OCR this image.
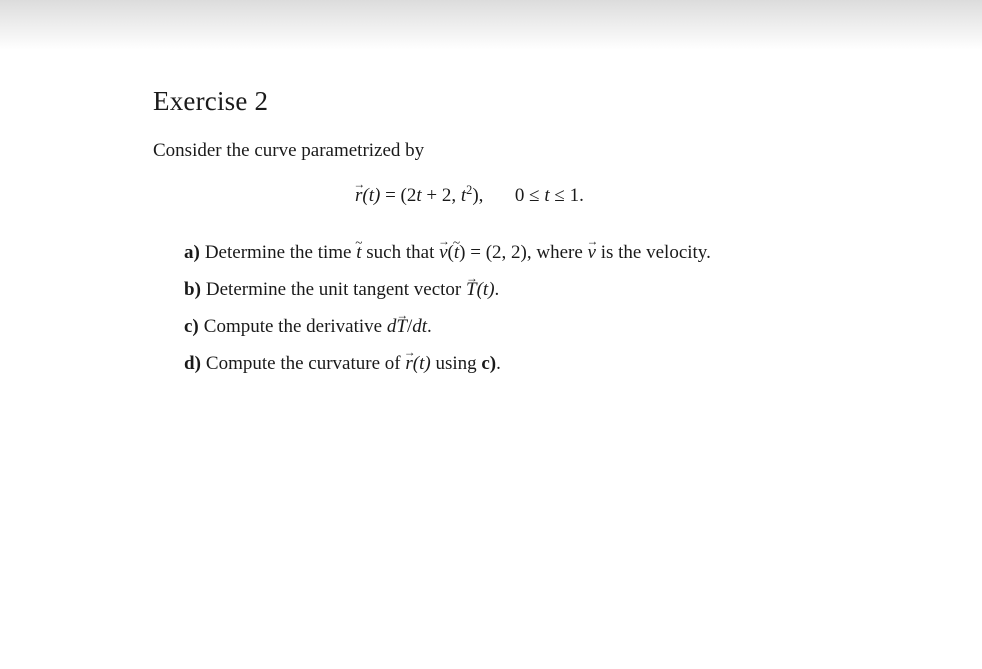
Exercise 2
Consider the curve parametrized by
r →(t) = (2t + 2, $t^2$), 0 ≤ t ≤ 1.
a) Determine the time t ~ such that v →(t ~) = (2, 2), where v → is the velocity.
b) Determine the unit tangent vector T →(t).
c) Compute the derivative dT →/dt.
d) Compute the curvature of r →(t) using c).
